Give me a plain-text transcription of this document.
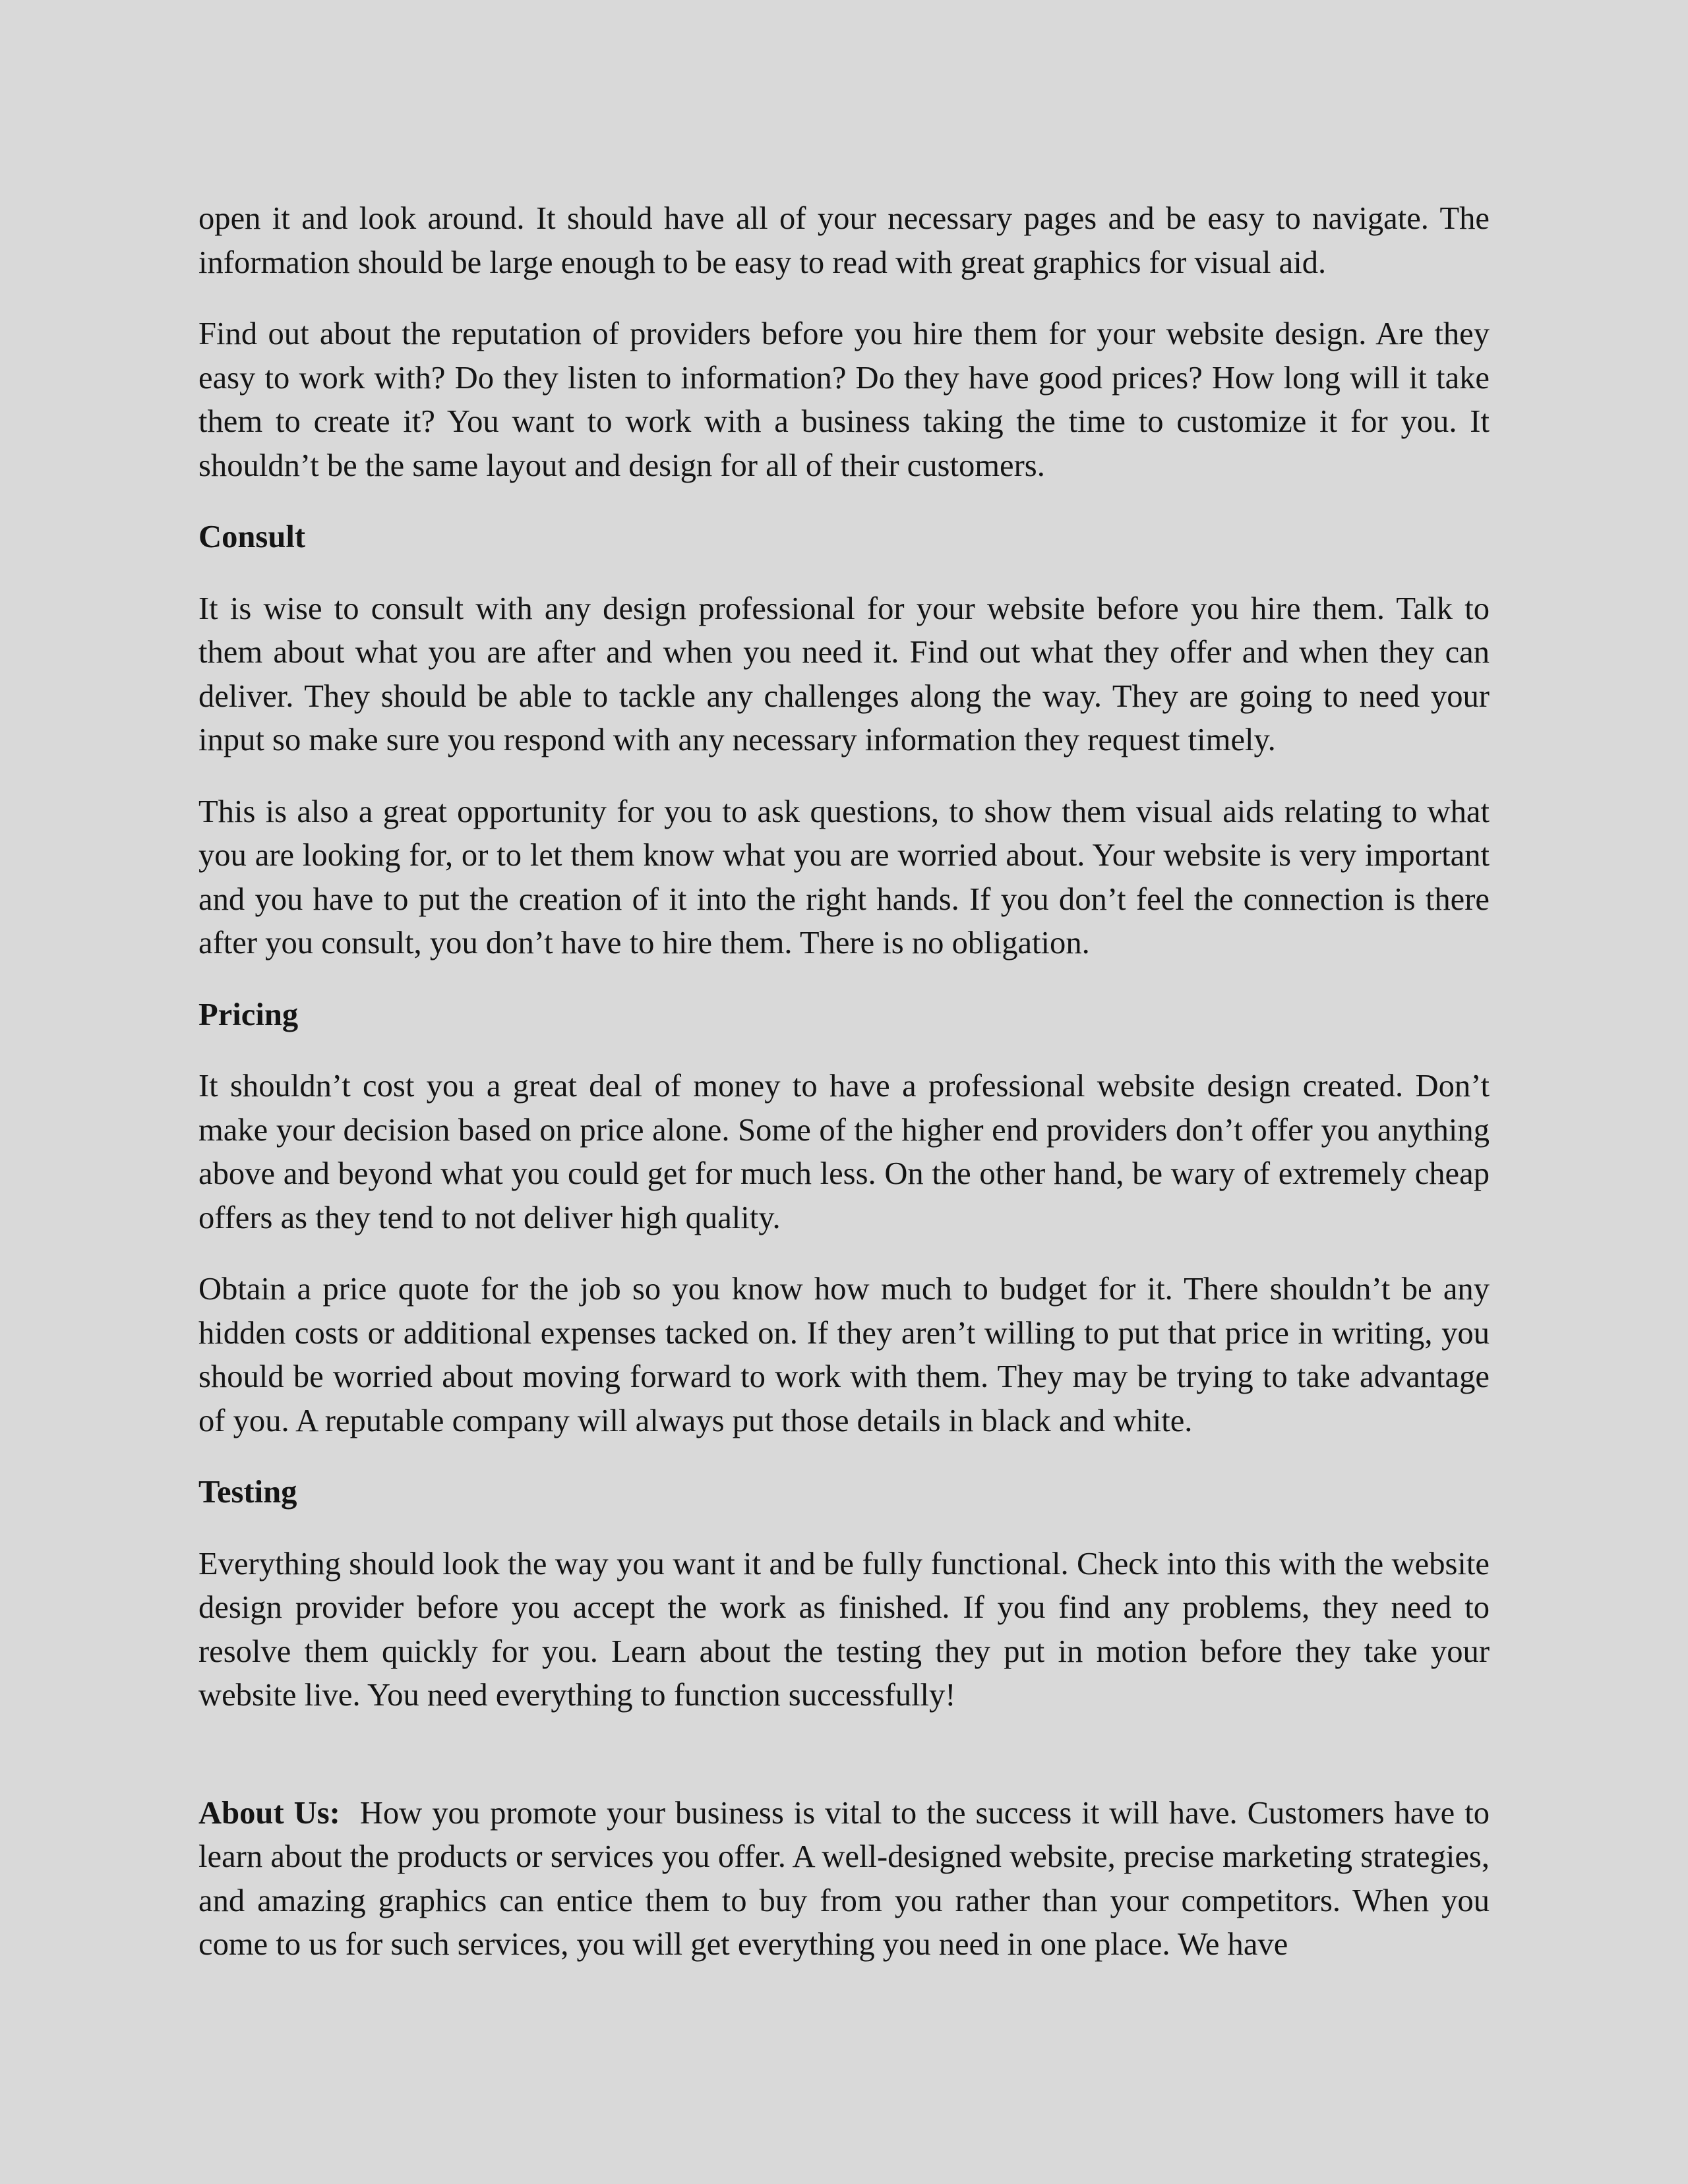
open it and look around. It should have all of your necessary pages and be easy to navigate. The information should be large enough to be easy to read with great graphics for visual aid.

Find out about the reputation of providers before you hire them for your website design. Are they easy to work with? Do they listen to information? Do they have good prices? How long will it take them to create it? You want to work with a business taking the time to customize it for you. It shouldn’t be the same layout and design for all of their customers.

Consult

It is wise to consult with any design professional for your website before you hire them. Talk to them about what you are after and when you need it. Find out what they offer and when they can deliver. They should be able to tackle any challenges along the way. They are going to need your input so make sure you respond with any necessary information they request timely.

This is also a great opportunity for you to ask questions, to show them visual aids relating to what you are looking for, or to let them know what you are worried about. Your website is very important and you have to put the creation of it into the right hands. If you don’t feel the connection is there after you consult, you don’t have to hire them. There is no obligation.

Pricing

It shouldn’t cost you a great deal of money to have a professional website design created. Don’t make your decision based on price alone. Some of the higher end providers don’t offer you anything above and beyond what you could get for much less. On the other hand, be wary of extremely cheap offers as they tend to not deliver high quality.

Obtain a price quote for the job so you know how much to budget for it. There shouldn’t be any hidden costs or additional expenses tacked on. If they aren’t willing to put that price in writing, you should be worried about moving forward to work with them. They may be trying to take advantage of you. A reputable company will always put those details in black and white.

Testing

Everything should look the way you want it and be fully functional. Check into this with the website design provider before you accept the work as finished. If you find any problems, they need to resolve them quickly for you. Learn about the testing they put in motion before they take your website live. You need everything to function successfully!

About Us: How you promote your business is vital to the success it will have. Customers have to learn about the products or services you offer. A well-designed website, precise marketing strategies, and amazing graphics can entice them to buy from you rather than your competitors. When you come to us for such services, you will get everything you need in one place. We have
